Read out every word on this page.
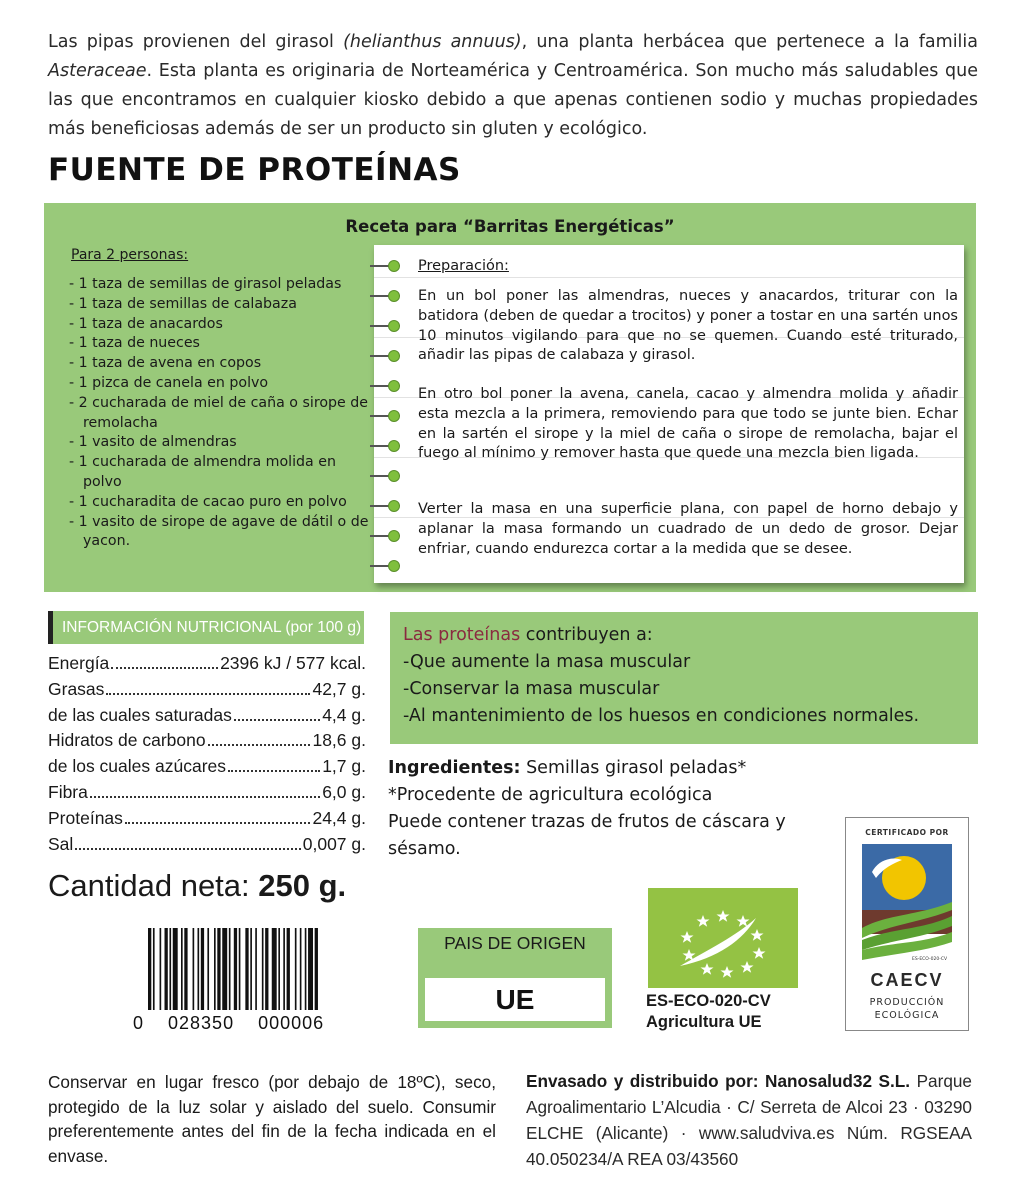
Las pipas provienen del girasol (helianthus annuus), una planta herbácea que pertenece a la familia Asteraceae. Esta planta es originaria de Norteamérica y Centroamérica. Son mucho más saludables que las que encontramos en cualquier kiosko debido a que apenas contienen sodio y muchas propiedades más beneficiosas además de ser un producto sin gluten y ecológico.

FUENTE DE PROTEÍNAS
Receta para “Barritas Energéticas”
Para 2 personas:
- 1 taza de semillas de girasol peladas
- 1 taza de semillas de calabaza
- 1 taza de anacardos
- 1 taza de nueces
- 1 taza de avena en copos
- 1 pizca de canela en polvo
- 2 cucharada de miel de caña o sirope de remolacha
- 1 vasito de almendras
- 1 cucharada de almendra molida en polvo
- 1 cucharadita de cacao puro en polvo
- 1 vasito de sirope de agave de dátil o de yacon.
Preparación:

En un bol poner las almendras, nueces y anacardos, triturar con la batidora (deben de quedar a trocitos) y poner a tostar en una sartén unos 10 minutos vigilando para que no se quemen. Cuando esté triturado, añadir las pipas de calabaza y girasol.

En otro bol poner la avena, canela, cacao y almendra molida y añadir esta mezcla a la primera, removiendo para que todo se junte bien. Echar en la sartén el sirope y la miel de caña o sirope de remolacha, bajar el fuego al mínimo y remover hasta que quede una mezcla bien ligada.

Verter la masa en una superficie plana, con papel de horno debajo y aplanar la masa formando un cuadrado de un dedo de grosor. Dejar enfriar, cuando endurezca cortar a la medida que se desee.

INFORMACIÓN NUTRICIONAL (por 100 g)
Energía	2396 kJ / 577 kcal.
Grasas	42,7 g.
de las cuales saturadas	4,4 g.
Hidratos de carbono	18,6 g.
de los cuales azúcares	1,7 g.
Fibra	6,0 g.
Proteínas	24,4 g.
Sal	0,007 g.
Las proteínas contribuyen a:
-Que aumente la masa muscular
-Conservar la masa muscular
-Al mantenimiento de los huesos en condiciones normales.
Ingredientes: Semillas girasol peladas*
*Procedente de agricultura ecológica
Puede contener trazas de frutos de cáscara y sésamo.
Cantidad neta: 250 g.
0 028350 000006
PAIS DE ORIGEN
UE	ES-ECO-020-CV
Agricultura UE
CERTIFICADO POR
ES-ECO-020-CV
CAECV
PRODUCCIÓN
ECOLÓGICA

Conservar en lugar fresco (por debajo de 18ºC), seco, protegido de la luz solar y aislado del suelo. Consumir preferentemente antes del fin de la fecha indicada en el envase.

Envasado y distribuido por: Nanosalud32 S.L. Parque Agroalimentario L’Alcudia · C/ Serreta de Alcoi 23 · 03290 ELCHE (Alicante) · www.saludviva.es Núm. RGSEAA 40.050234/A REA 03/43560
